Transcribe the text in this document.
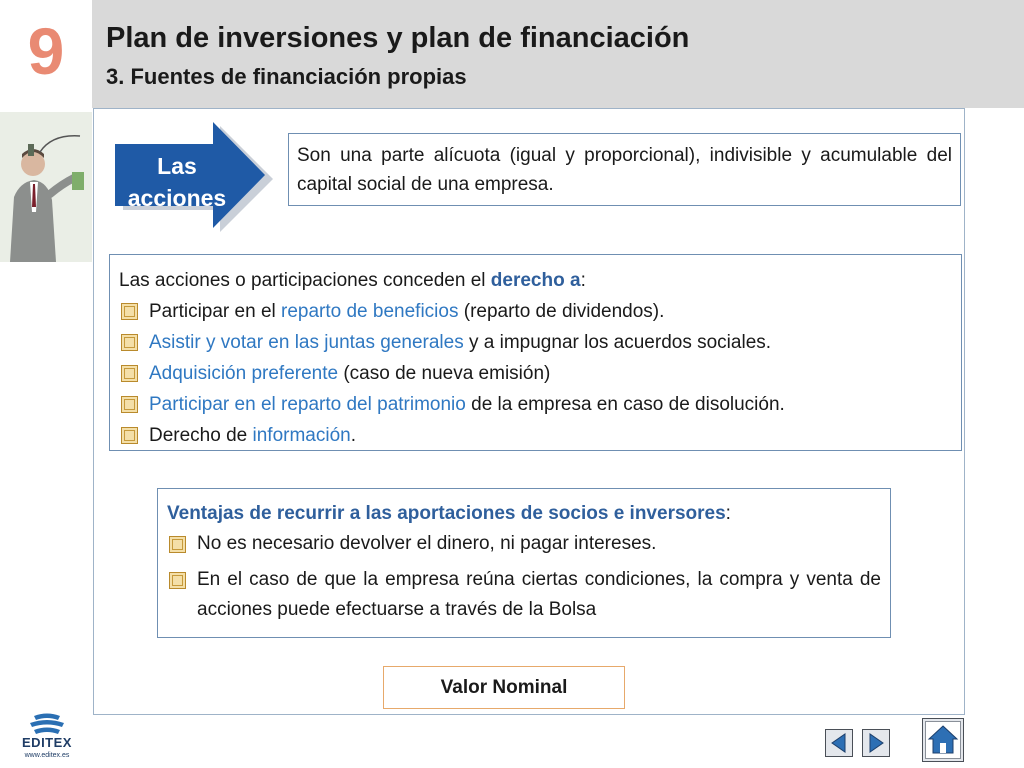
9	Plan de inversiones y plan de financiación
3. Fuentes de financiación propias
Las
acciones
Son una parte alícuota (igual y proporcional), indivisible y acumulable del capital social de una empresa.
Las acciones o participaciones conceden el derecho a:
Participar en el reparto de beneficios (reparto de dividendos).
Asistir y votar en las juntas generales y a impugnar los acuerdos sociales.
Adquisición preferente (caso de nueva emisión)
Participar en el reparto del patrimonio de la empresa en caso de disolución.
Derecho de información.
Ventajas de recurrir a las aportaciones de socios e inversores:
No es necesario devolver el dinero, ni pagar intereses.
En el caso de que la empresa reúna ciertas condiciones, la compra y venta de acciones puede efectuarse a través de la Bolsa
Valor Nominal
EDITEX
www.editex.es
